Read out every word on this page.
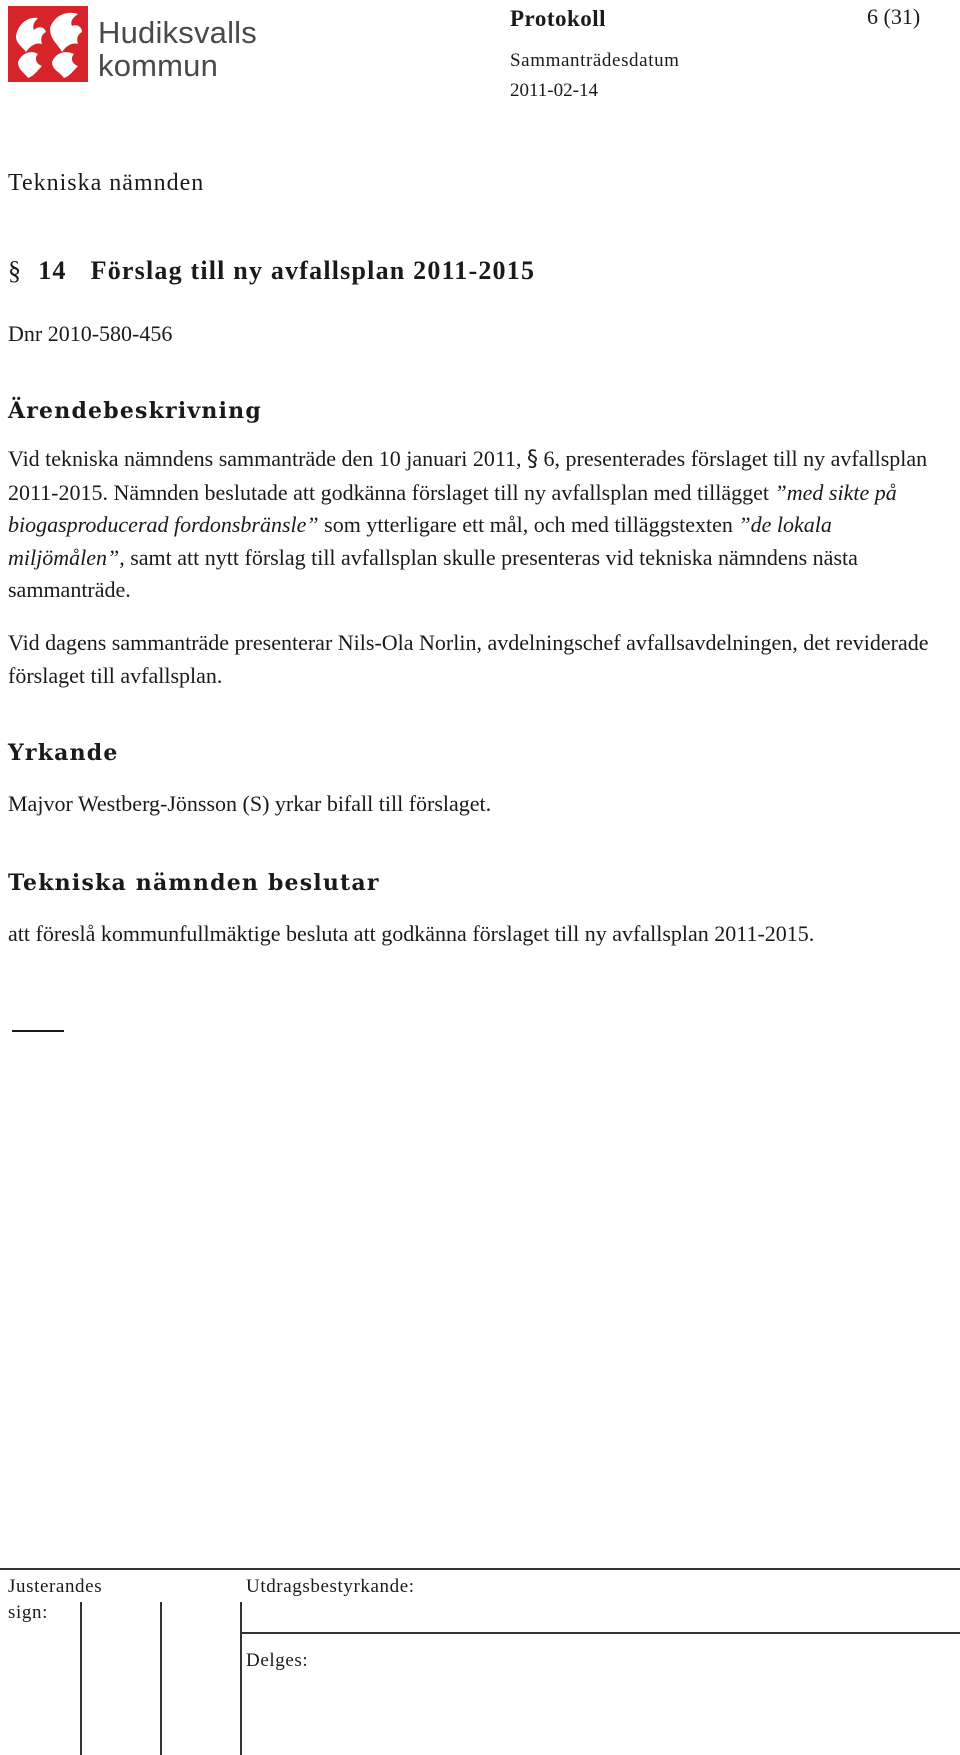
Hudiksvalls
kommun
Protokoll	6 (31)
Sammanträdesdatum
2011-02-14
Tekniska nämnden
§ 14 Förslag till ny avfallsplan 2011-2015
Dnr 2010-580-456
Ärendebeskrivning
Vid tekniska nämndens sammanträde den 10 januari 2011, § 6, presenterades förslaget till ny avfallsplan 2011-2015. Nämnden beslutade att godkänna förslaget till ny avfallsplan med tillägget ”med sikte på biogasproducerad fordonsbränsle” som ytterligare ett mål, och med tilläggstexten ”de lokala miljömålen”, samt att nytt förslag till avfallsplan skulle presenteras vid tekniska nämndens nästa sammanträde.
Vid dagens sammanträde presenterar Nils-Ola Norlin, avdelningschef avfallsavdelningen, det reviderade förslaget till avfallsplan.
Yrkande
Majvor Westberg-Jönsson (S) yrkar bifall till förslaget.
Tekniska nämnden beslutar
att föreslå kommunfullmäktige besluta att godkänna förslaget till ny avfallsplan 2011-2015.
Justerandes
sign:
Utdragsbestyrkande:
Delges:
